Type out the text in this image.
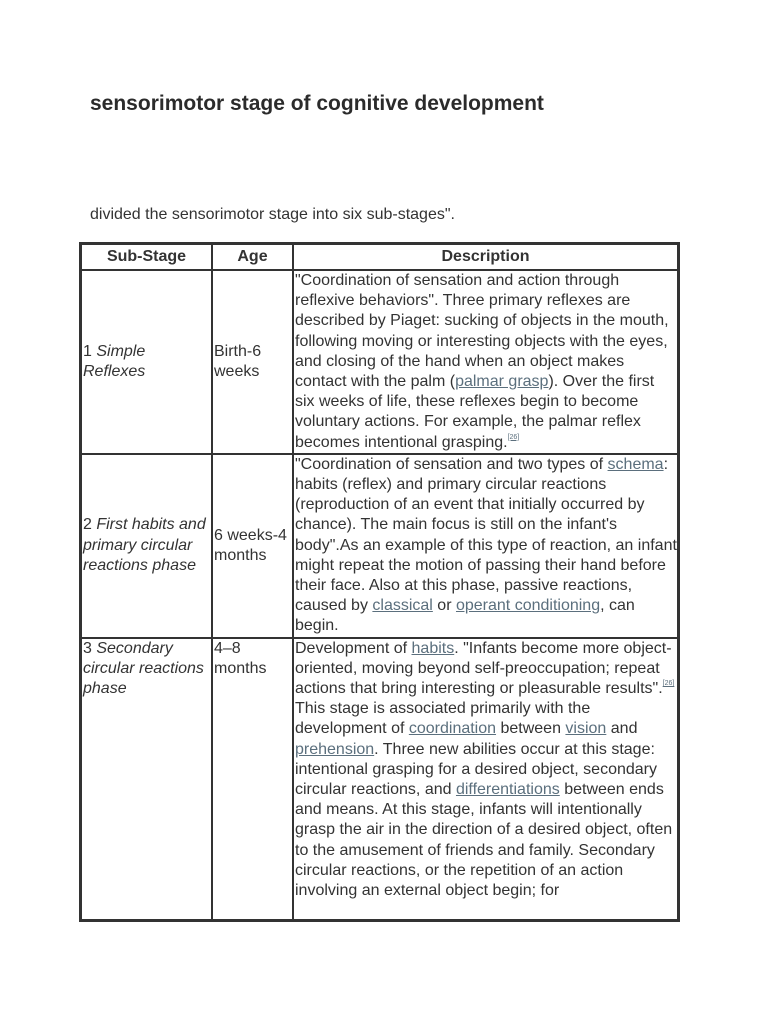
sensorimotor stage of cognitive development

divided the sensorimotor stage into six sub-stages".

Sub-Stage	Age	Description
1 Simple Reflexes	Birth-6 weeks	"Coordination of sensation and action through reflexive behaviors". Three primary reflexes are described by Piaget: sucking of objects in the mouth, following moving or interesting objects with the eyes, and closing of the hand when an object makes contact with the palm (palmar grasp). Over the first six weeks of life, these reflexes begin to become voluntary actions. For example, the palmar reflex becomes intentional grasping.[26]
2 First habits and primary circular reactions phase	6 weeks-4 months	"Coordination of sensation and two types of schema: habits (reflex) and primary circular reactions (reproduction of an event that initially occurred by chance). The main focus is still on the infant's body".As an example of this type of reaction, an infant might repeat the motion of passing their hand before their face. Also at this phase, passive reactions, caused by classical or operant conditioning, can begin.
3 Secondary circular reactions phase	4–8 months	Development of habits. "Infants become more object-oriented, moving beyond self-preoccupation; repeat actions that bring interesting or pleasurable results".[26] This stage is associated primarily with the development of coordination between vision and prehension. Three new abilities occur at this stage: intentional grasping for a desired object, secondary circular reactions, and differentiations between ends and means. At this stage, infants will intentionally grasp the air in the direction of a desired object, often to the amusement of friends and family. Secondary circular reactions, or the repetition of an action involving an external object begin; for
